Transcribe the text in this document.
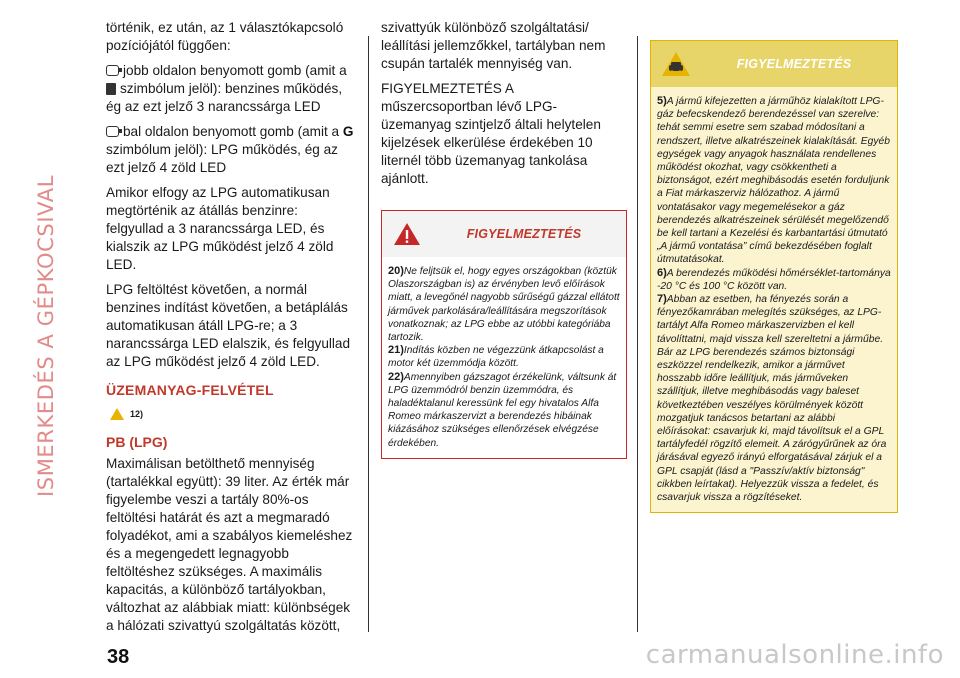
ISMERKEDÉS A GÉPKOCSIVAL

történik, ez után, az 1 választókapcsoló pozíciójától függően:

jobb oldalon benyomott gomb (amit a
szimbólum jelöl): benzines működés, ég az ezt jelző 3 narancssárga LED
bal oldalon benyomott gomb (amit a G
szimbólum jelöl): LPG működés, ég az ezt jelző 4 zöld LED

Amikor elfogy az LPG automatikusan megtörténik az átállás benzinre: felgyullad a 3 narancssárga LED, és kialszik az LPG működést jelző 4 zöld LED.

LPG feltöltést követően, a normál benzines indítást követően, a betáplálás automatikusan átáll LPG-re; a 3 narancssárga LED elalszik, és felgyullad az LPG működést jelző 4 zöld LED.

ÜZEMANYAG-FELVÉTEL
12)
PB (LPG)

Maximálisan betölthető mennyiség (tartalékkal együtt): 39 liter. Az érték már figyelembe veszi a tartály 80%-os feltöltési határát és azt a megmaradó folyadékot, ami a szabályos kiemeléshez és a megengedett legnagyobb feltöltéshez szükséges. A maximális kapacitás, a különböző tartályokban, változhat az alábbiak miatt: különbségek a hálózati szivattyú szolgáltatás között,

szivattyúk különböző szolgáltatási/ leállítási jellemzőkkel, tartályban nem csupán tartalék mennyiség van.

FIGYELMEZTETÉS A műszercsoportban lévő LPG-üzemanyag szintjelző általi helytelen kijelzések elkerülése érdekében 10 liternél több üzemanyag tankolása ajánlott.

FIGYELMEZTETÉS

20)Ne feljtsük el, hogy egyes országokban (köztük Olaszországban is) az érvényben levő előírások miatt, a levegőnél nagyobb sűrűségű gázzal ellátott járművek parkolására/leállítására megszorítások vonatkoznak; az LPG ebbe az utóbbi kategóriába tartozik.

21)Indítás közben ne végezzünk átkapcsolást a motor két üzemmódja között.

22)Amennyiben gázszagot érzékelünk, váltsunk át LPG üzemmódról benzin üzemmódra, és haladéktalanul keressünk fel egy hivatalos Alfa Romeo márkaszervizt a berendezés hibáinak kiázásához szükséges ellenőrzések elvégzése érdekében.

FIGYELMEZTETÉS

5)A jármű kifejezetten a járműhöz kialakított LPG-gáz befecskendező berendezéssel van szerelve: tehát semmi esetre sem szabad módosítani a rendszert, illetve alkatrészeinek kialakítását. Egyéb egységek vagy anyagok használata rendellenes működést okozhat, vagy csökkentheti a biztonságot, ezért meghibásodás esetén forduljunk a Fiat márkaszerviz hálózathoz. A jármű vontatásakor vagy megemelésekor a gáz berendezés alkatrészeinek sérülését megelőzendő be kell tartani a Kezelési és karbantartási útmutató „A jármű vontatása” című bekezdésében foglalt útmutatásokat.

6)A berendezés működési hőmérséklet-tartománya -20 °C és 100 °C között van.

7)Abban az esetben, ha fényezés során a fényezőkamrában melegítés szükséges, az LPG-tartályt Alfa Romeo márkaszervizben el kell távolíttatni, majd vissza kell szereltetni a járműbe. Bár az LPG berendezés számos biztonsági eszközzel rendelkezik, amikor a járművet hosszabb időre leállítjuk, más járműveken szállítjuk, illetve meghibásodás vagy baleset következtében veszélyes körülmények között mozgatjuk tanácsos betartani az alábbi előírásokat: csavarjuk ki, majd távolítsuk el a GPL tartályfedél rögzítő elemeit. A zárógyűrűnek az óra járásával egyező irányú elforgatásával zárjuk el a GPL csapját (lásd a "Passzív/aktív biztonság" cikkben leírtakat). Helyezzük vissza a fedelet, és csavarjuk vissza a rögzítéseket.

38	carmanualsonline.info
